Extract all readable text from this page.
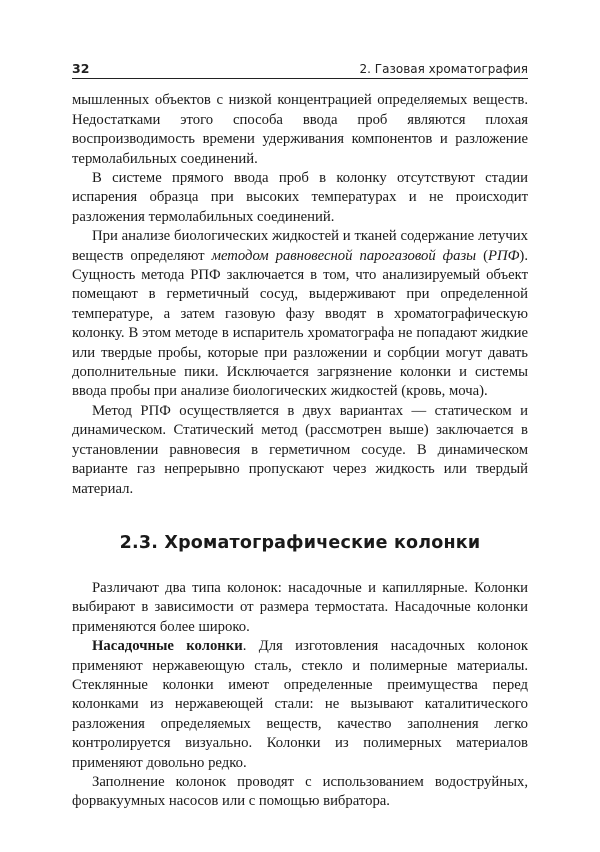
32	2. Газовая хроматография

мышленных объектов с низкой концентрацией определяемых веществ. Недостатками этого способа ввода проб являются плохая воспроизводимость времени удерживания компонентов и разложение термолабильных соединений.

В системе прямого ввода проб в колонку отсутствуют стадии испарения образца при высоких температурах и не происходит разложения термолабильных соединений.

При анализе биологических жидкостей и тканей содержание летучих веществ определяют методом равновесной парогазовой фазы (РПФ). Сущность метода РПФ заключается в том, что анализируемый объект помещают в герметичный сосуд, выдерживают при определенной температуре, а затем газовую фазу вводят в хроматографическую колонку. В этом методе в испаритель хроматографа не попадают жидкие или твердые пробы, которые при разложении и сорбции могут давать дополнительные пики. Исключается загрязнение колонки и системы ввода пробы при анализе биологических жидкостей (кровь, моча).

Метод РПФ осуществляется в двух вариантах — статическом и динамическом. Статический метод (рассмотрен выше) заключается в установлении равновесия в герметичном сосуде. В динамическом варианте газ непрерывно пропускают через жидкость или твердый материал.

2.3. Хроматографические колонки

Различают два типа колонок: насадочные и капиллярные. Колонки выбирают в зависимости от размера термостата. Насадочные колонки применяются более широко.

Насадочные колонки. Для изготовления насадочных колонок применяют нержавеющую сталь, стекло и полимерные материалы. Стеклянные колонки имеют определенные преимущества перед колонками из нержавеющей стали: не вызывают каталитического разложения определяемых веществ, качество заполнения легко контролируется визуально. Колонки из полимерных материалов применяют довольно редко.

Заполнение колонок проводят с использованием водоструйных, форвакуумных насосов или с помощью вибратора.
